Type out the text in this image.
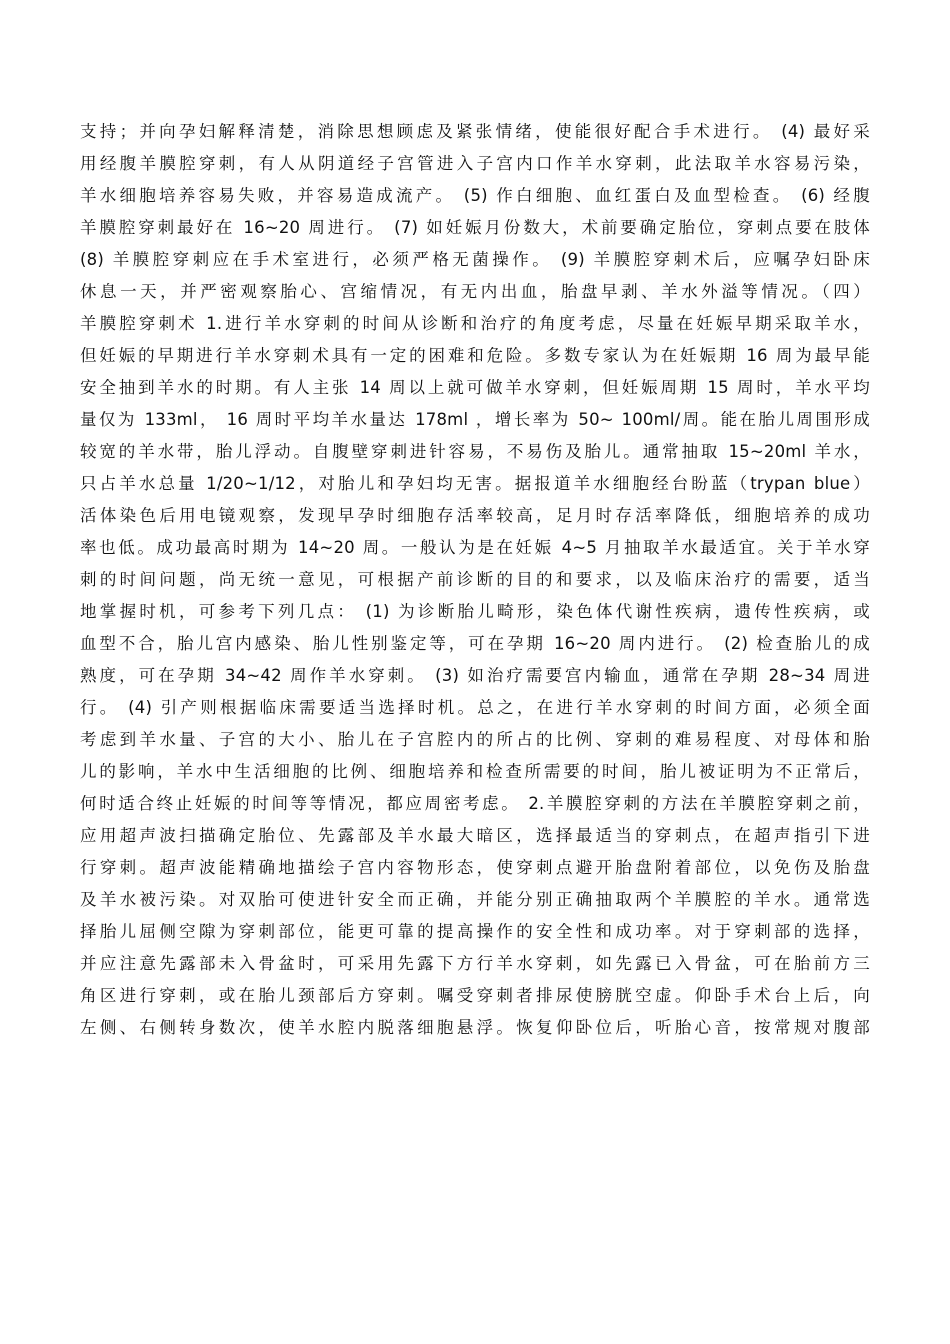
支持；并向孕妇解释清楚，消除思想顾虑及紧张情绪，使能很好配合手术进行。 (4) 最好采
用经腹羊膜腔穿刺，有人从阴道经子宫管进入子宫内口作羊水穿刺，此法取羊水容易污染，
羊水细胞培养容易失败，并容易造成流产。 (5) 作白细胞、血红蛋白及血型检查。 (6) 经腹
羊膜腔穿刺最好在 16~20 周进行。 (7) 如妊娠月份数大，术前要确定胎位，穿刺点要在肢体
(8) 羊膜腔穿刺应在手术室进行，必须严格无菌操作。 (9) 羊膜腔穿刺术后，应嘱孕妇卧床
休息一天，并严密观察胎心、宫缩情况，有无内出血，胎盘早剥、羊水外溢等情况。（四）
羊膜腔穿刺术 1.进行羊水穿刺的时间从诊断和治疗的角度考虑，尽量在妊娠早期采取羊水，
但妊娠的早期进行羊水穿刺术具有一定的困难和危险。多数专家认为在妊娠期 16 周为最早能
安全抽到羊水的时期。有人主张 14 周以上就可做羊水穿刺，但妊娠周期 15 周时，羊水平均
量仅为 133ml， 16 周时平均羊水量达 178ml ，增长率为 50~ 100ml/周。能在胎儿周围形成
较宽的羊水带，胎儿浮动。自腹壁穿刺进针容易，不易伤及胎儿。通常抽取 15~20ml 羊水，
只占羊水总量 1/20~1/12，对胎儿和孕妇均无害。据报道羊水细胞经台盼蓝（trypan blue）
活体染色后用电镜观察，发现早孕时细胞存活率较高，足月时存活率降低，细胞培养的成功
率也低。成功最高时期为 14~20 周。一般认为是在妊娠 4~5 月抽取羊水最适宜。关于羊水穿
刺的时间问题，尚无统一意见，可根据产前诊断的目的和要求，以及临床治疗的需要，适当
地掌握时机，可参考下列几点： (1) 为诊断胎儿畸形，染色体代谢性疾病，遗传性疾病，或
血型不合，胎儿宫内感染、胎儿性别鉴定等，可在孕期 16~20 周内进行。 (2) 检查胎儿的成
熟度，可在孕期 34~42 周作羊水穿刺。 (3) 如治疗需要宫内输血，通常在孕期 28~34 周进
行。 (4) 引产则根据临床需要适当选择时机。总之，在进行羊水穿刺的时间方面，必须全面
考虑到羊水量、子宫的大小、胎儿在子宫腔内的所占的比例、穿刺的难易程度、对母体和胎
儿的影响，羊水中生活细胞的比例、细胞培养和检查所需要的时间，胎儿被证明为不正常后，
何时适合终止妊娠的时间等等情况，都应周密考虑。 2.羊膜腔穿刺的方法在羊膜腔穿刺之前，
应用超声波扫描确定胎位、先露部及羊水最大暗区，选择最适当的穿刺点，在超声指引下进
行穿刺。超声波能精确地描绘子宫内容物形态，使穿刺点避开胎盘附着部位，以免伤及胎盘
及羊水被污染。对双胎可使进针安全而正确，并能分别正确抽取两个羊膜腔的羊水。通常选
择胎儿屈侧空隙为穿刺部位，能更可靠的提高操作的安全性和成功率。对于穿刺部的选择，
并应注意先露部未入骨盆时，可采用先露下方行羊水穿刺，如先露已入骨盆，可在胎前方三
角区进行穿刺，或在胎儿颈部后方穿刺。嘱受穿刺者排尿使膀胱空虚。仰卧手术台上后，向
左侧、右侧转身数次，使羊水腔内脱落细胞悬浮。恢复仰卧位后，听胎心音，按常规对腹部
